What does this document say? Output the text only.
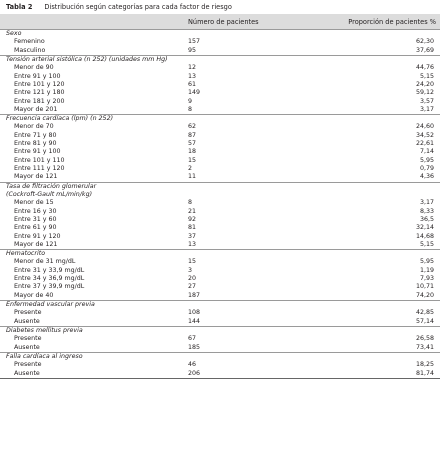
Tabla 2 Distribución según categorías para cada factor de riesgo
	Número de pacientes	Proporción de pacientes %
Sexo		
Femenino	157	62,30
Masculino	95	37,69
Tensión arterial sistólica (n 252) (unidades mm Hg)		
Menor de 90	12	44,76
Entre 91 y 100	13	5,15
Entre 101 y 120	61	24,20
Entre 121 y 180	149	59,12
Entre 181 y 200	9	3,57
Mayor de 201	8	3,17
Frecuencia cardíaca (lpm) (n 252)		
Menor de 70	62	24,60
Entre 71 y 80	87	34,52
Entre 81 y 90	57	22,61
Entre 91 y 100	18	7,14
Entre 101 y 110	15	5,95
Entre 111 y 120	2	0,79
Mayor de 121	11	4,36
Tasa de filtración glomerular		
(Cockroft-Gault mL/min/kg)		
Menor de 15	8	3,17
Entre 16 y 30	21	8,33
Entre 31 y 60	92	36,5
Entre 61 y 90	81	32,14
Entre 91 y 120	37	14,68
Mayor de 121	13	5,15
Hematocrito		
Menor de 31 mg/dL	15	5,95
Entre 31 y 33,9 mg/dL	3	1,19
Entre 34 y 36,9 mg/dL	20	7,93
Entre 37 y 39,9 mg/dL	27	10,71
Mayor de 40	187	74,20
Enfermedad vascular previa		
Presente	108	42,85
Ausente	144	57,14
Diabetes mellitus previa		
Presente	67	26,58
Ausente	185	73,41
Falla cardíaca al ingreso		
Presente	46	18,25
Ausente	206	81,74
